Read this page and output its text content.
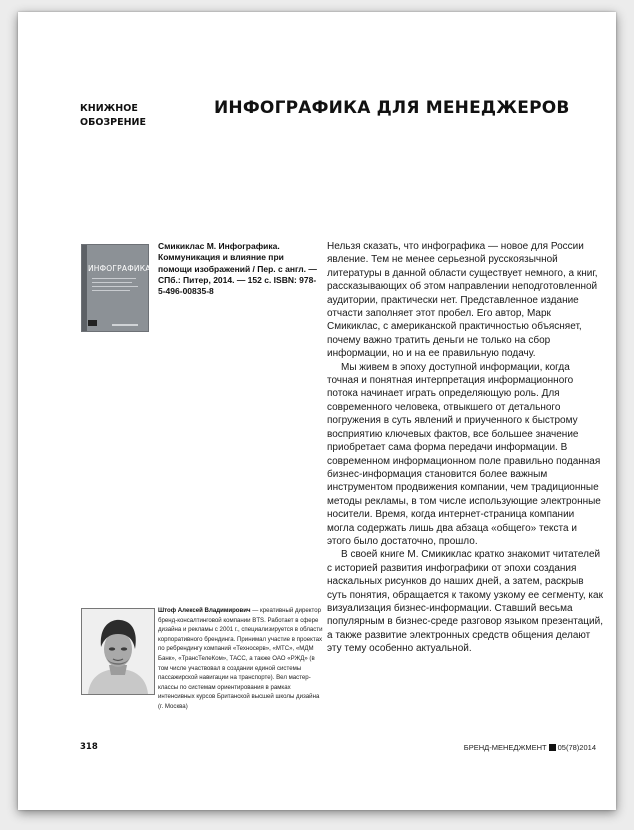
КНИЖНОЕ
ОБОЗРЕНИЕ
ИНФОГРАФИКА ДЛЯ МЕНЕДЖЕРОВ
ИНФОГРАФИКА
Смикиклас М. Инфографика. Коммуникация и влияние при помощи изображений / Пер. с англ. — СПб.: Питер, 2014. — 152 с. ISBN: 978-5-496-00835-8

Нельзя сказать, что инфографика — новое для России явление. Тем не менее серьезной русскоязычной литературы в данной области существует немного, а книг, рассказывающих об этом направлении неподготовленной аудитории, практически нет. Представленное издание отчасти заполняет этот пробел. Его автор, Марк Смикиклас, с американской практичностью объясняет, почему важно тратить деньги не только на сбор информации, но и на ее правильную подачу.

Мы живем в эпоху доступной информации, когда точная и понятная интерпретация информационного потока начинает играть определяющую роль. Для современного человека, отвыкшего от детального погружения в суть явлений и приученного к быстрому восприятию ключевых фактов, все большее значение приобретает сама форма передачи информации. В современном информационном поле правильно поданная бизнес-информация становится более важным инструментом продвижения компании, чем традиционные методы рекламы, в том числе использующие электронные носители. Время, когда интернет-страница компании могла содержать лишь два абзаца «общего» текста и этого было достаточно, прошло.

В своей книге М. Смикиклас кратко знакомит читателей с историей развития инфографики от эпохи создания наскальных рисунков до наших дней, а затем, раскрыв суть понятия, обращается к такому узкому ее сегменту, как визуализация бизнес-информации. Ставший весьма популярным в бизнес-среде разговор языком презентаций, а также развитие электронных средств общения делают эту тему особенно актуальной.

Штоф Алексей Владимирович — креативный директор бренд-консалтинговой компании BTS. Работает в сфере дизайна и рекламы с 2001 г., специализируется в области корпоративного брендинга. Принимал участие в проектах по ребрендингу компаний «Техносерв», «МТС», «МДМ Банк», «ТрансТелеКом», ТАСС, а также ОАО «РЖД» (в том числе участвовал в создании единой системы пассажирской навигации на транспорте). Вел мастер-классы по системам ориентирования в рамках интенсивных курсов Британской высшей школы дизайна (г. Москва)
318	БРЕНД-МЕНЕДЖМЕНТ 05(78)2014
